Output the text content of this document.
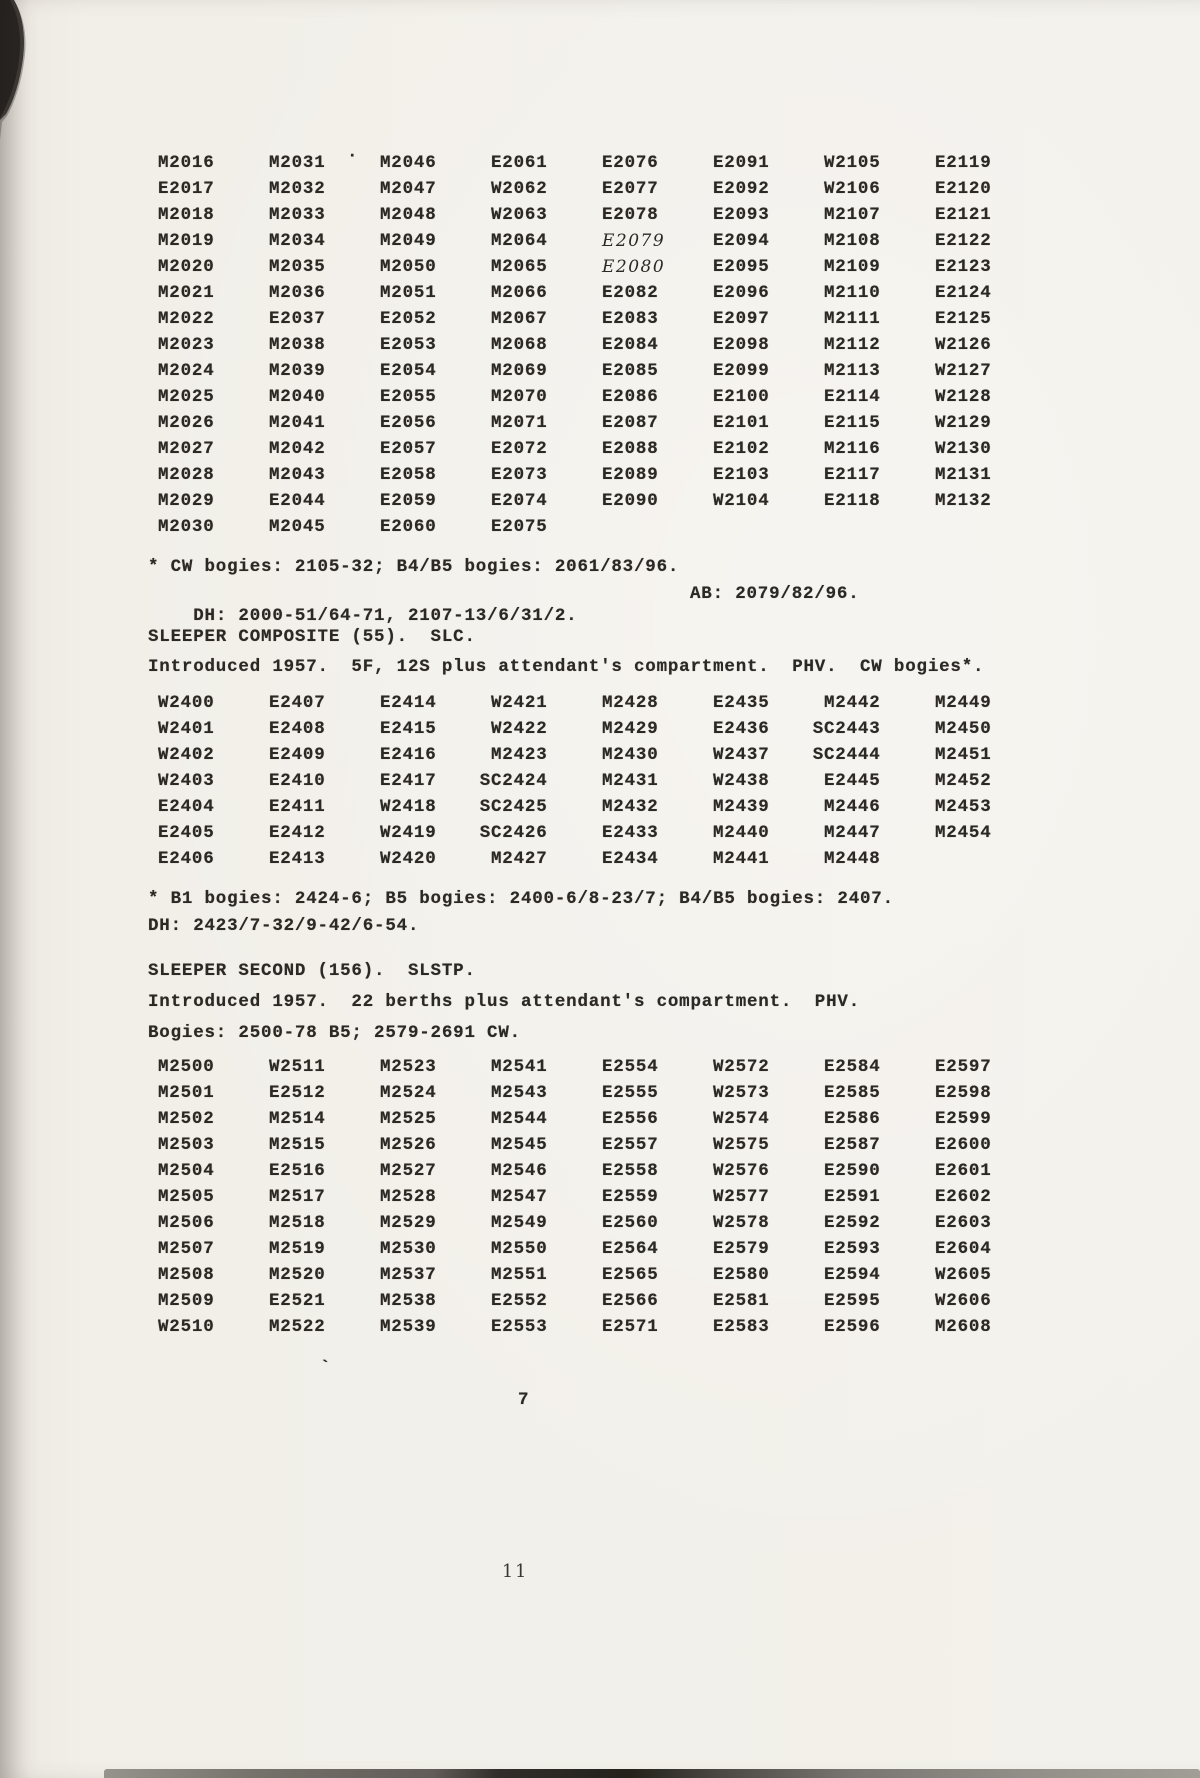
M2016
E2017
M2018
M2019
M2020
M2021
M2022
M2023
M2024
M2025
M2026
M2027
M2028
M2029
M2030
M2031
M2032
M2033
M2034
M2035
M2036
E2037
M2038
M2039
M2040
M2041
M2042
M2043
E2044
M2045
M2046
M2047
M2048
M2049
M2050
M2051
E2052
E2053
E2054
E2055
E2056
E2057
E2058
E2059
E2060
E2061
W2062
W2063
M2064
M2065
M2066
M2067
M2068
M2069
M2070
M2071
E2072
E2073
E2074
E2075
E2076
E2077
E2078
E2079
E2080
E2082
E2083
E2084
E2085
E2086
E2087
E2088
E2089
E2090
E2091
E2092
E2093
E2094
E2095
E2096
E2097
E2098
E2099
E2100
E2101
E2102
E2103
W2104
W2105
W2106
M2107
M2108
M2109
M2110
M2111
M2112
M2113
E2114
E2115
M2116
E2117
E2118
E2119
E2120
E2121
E2122
E2123
E2124
E2125
W2126
W2127
W2128
W2129
W2130
M2131
M2132
·
* CW bogies: 2105-32; B4/B5 bogies: 2061/83/96.

DH: 2000-51/64-71, 2107-13/6/31/2.

AB: 2079/82/96.

SLEEPER COMPOSITE (55).  SLC.
Introduced 1957.  5F, 12S plus attendant's compartment.  PHV.  CW bogies*.
W2400
W2401
W2402
W2403
E2404
E2405
E2406
E2407
E2408
E2409
E2410
E2411
E2412
E2413
E2414
E2415
E2416
E2417
W2418
W2419
W2420
W2421
W2422
M2423
SC2424
SC2425
SC2426
M2427
M2428
M2429
M2430
M2431
M2432
E2433
E2434
E2435
E2436
W2437
W2438
M2439
M2440
M2441
M2442
SC2443
SC2444
E2445
M2446
M2447
M2448
M2449
M2450
M2451
M2452
M2453
M2454
* B1 bogies: 2424-6; B5 bogies: 2400-6/8-23/7; B4/B5 bogies: 2407.
DH: 2423/7-32/9-42/6-54.
SLEEPER SECOND (156).  SLSTP.
Introduced 1957.  22 berths plus attendant's compartment.  PHV.
Bogies: 2500-78 B5; 2579-2691 CW.
M2500
M2501
M2502
M2503
M2504
M2505
M2506
M2507
M2508
M2509
W2510
W2511
E2512
M2514
M2515
E2516
M2517
M2518
M2519
M2520
E2521
M2522
M2523
M2524
M2525
M2526
M2527
M2528
M2529
M2530
M2537
M2538
M2539
M2541
M2543
M2544
M2545
M2546
M2547
M2549
M2550
M2551
E2552
E2553
E2554
E2555
E2556
E2557
E2558
E2559
E2560
E2564
E2565
E2566
E2571
W2572
W2573
W2574
W2575
W2576
W2577
W2578
E2579
E2580
E2581
E2583
E2584
E2585
E2586
E2587
E2590
E2591
E2592
E2593
E2594
E2595
E2596
E2597
E2598
E2599
E2600
E2601
E2602
E2603
E2604
W2605
W2606
M2608
`
7
11
